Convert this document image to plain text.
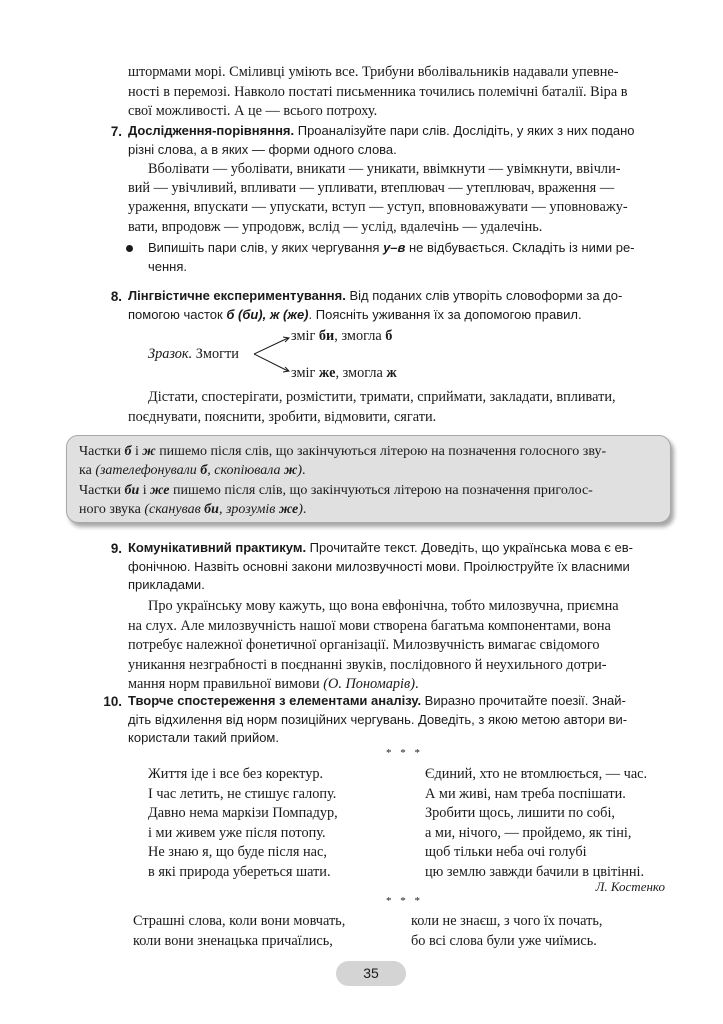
штормами морі. Сміливці уміють все. Трибуни вболівальників надавали упевне-
ності в перемозі. Навколо постаті письменника точились полемічні баталії. Віра в
свої можливості. А це — всього потроху.
7. Дослідження-порівняння. Проаналізуйте пари слів. Дослідіть, у яких з них подано
різні слова, а в яких — форми одного слова.
Вболівати — уболівати, вникати — уникати, ввімкнути — увімкнути, ввічли-
вий — увічливий, впливати — упливати, втеплювач — утеплювач, враження —
ураження, впускати — упускати, вступ — уступ, вповноважувати — уповноважу-
вати, впродовж — упродовж, вслід — услід, вдалечінь — удалечінь.
Випишіть пари слів, у яких чергування у–в не відбувається. Складіть із ними ре-
чення.
8. Лінгвістичне експериментування. Від поданих слів утворіть словоформи за до-
помогою часток б (би), ж (же). Поясніть уживання їх за допомогою правил.
Зразок. Змогти
зміг би, змогла б
зміг же, змогла ж
Дістати, спостерігати, розмістити, тримати, сприймати, закладати, впливати,
поєднувати, пояснити, зробити, відмовити, сягати.
Частки б і ж пишемо після слів, що закінчуються літерою на позначення голосного зву-
ка (зателефонували б, скопіювала ж).
Частки би і же пишемо після слів, що закінчуються літерою на позначення приголос-
ного звука (сканував би, зрозумів же).
9. Комунікативний практикум. Прочитайте текст. Доведіть, що українська мова є ев-
фонічною. Назвіть основні закони милозвучності мови. Проілюструйте їх власними
прикладами.
Про українську мову кажуть, що вона евфонічна, тобто милозвучна, приємна
на слух. Але милозвучність нашої мови створена багатьма компонентами, вона
потребує належної фонетичної організації. Милозвучність вимагає свідомого
уникання незграбності в поєднанні звуків, послідовного й неухильного дотри-
мання норм правильної вимови (О. Пономарів).
10. Творче спостереження з елементами аналізу. Виразно прочитайте поезії. Знай-
діть відхилення від норм позиційних чергувань. Доведіть, з якою метою автори ви-
користали такий прийом.
* * *
Життя іде і все без коректур.
І час летить, не стишує галопу.
Давно нема маркізи Помпадур,
і ми живем уже після потопу.
Не знаю я, що буде після нас,
в які природа убереться шати.
Єдиний, хто не втомлюється, — час.
А ми живі, нам треба поспішати.
Зробити щось, лишити по собі,
а ми, нічого, — пройдемо, як тіні,
щоб тільки неба очі голубі
цю землю завжди бачили в цвітінні.
Л. Костенко
* * *
Страшні слова, коли вони мовчать,
коли вони зненацька причаїлись,
коли не знаєш, з чого їх почать,
бо всі слова були уже чиїмись.
35
